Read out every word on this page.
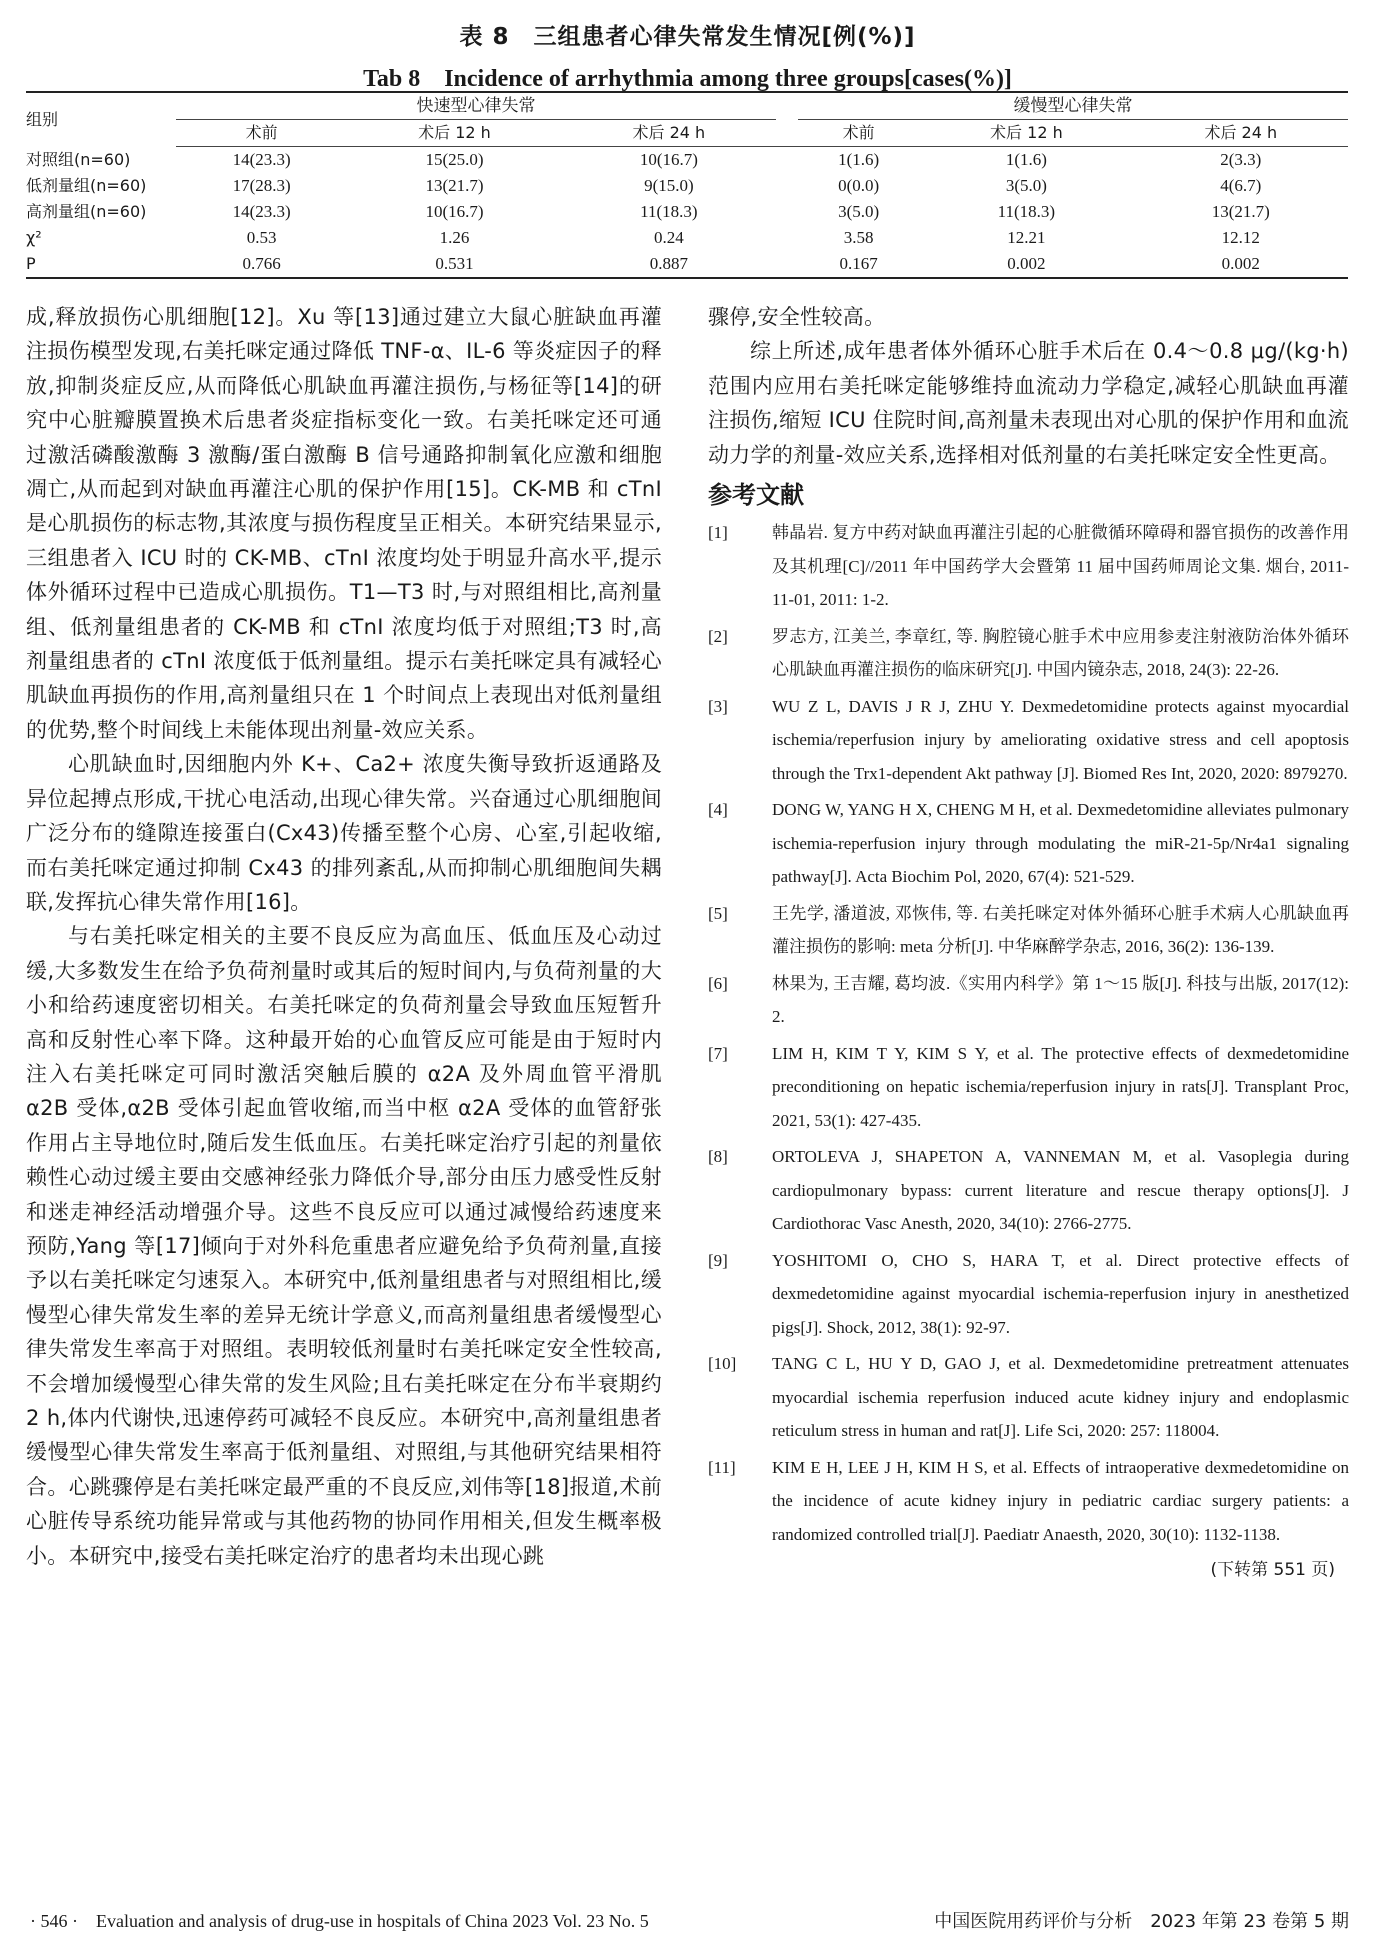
表 8　三组患者心律失常发生情况[例(%)]
Tab 8　Incidence of arrhythmia among three groups[cases(%)]
组别	快速型心律失常				缓慢型心律失常		
	术前	术后 12 h	术后 24 h		术前	术后 12 h	术后 24 h
对照组(n=60)	14(23.3)	15(25.0)	10(16.7)		1(1.6)	1(1.6)	2(3.3)
低剂量组(n=60)	17(28.3)	13(21.7)	9(15.0)		0(0.0)	3(5.0)	4(6.7)
高剂量组(n=60)	14(23.3)	10(16.7)	11(18.3)		3(5.0)	11(18.3)	13(21.7)
χ²	0.53	1.26	0.24		3.58	12.21	12.12
P	0.766	0.531	0.887		0.167	0.002	0.002

成,释放损伤心肌细胞[12]。Xu 等[13]通过建立大鼠心脏缺血再灌注损伤模型发现,右美托咪定通过降低 TNF-α、IL-6 等炎症因子的释放,抑制炎症反应,从而降低心肌缺血再灌注损伤,与杨征等[14]的研究中心脏瓣膜置换术后患者炎症指标变化一致。右美托咪定还可通过激活磷酸激酶 3 激酶/蛋白激酶 B 信号通路抑制氧化应激和细胞凋亡,从而起到对缺血再灌注心肌的保护作用[15]。CK-MB 和 cTnI 是心肌损伤的标志物,其浓度与损伤程度呈正相关。本研究结果显示,三组患者入 ICU 时的 CK-MB、cTnI 浓度均处于明显升高水平,提示体外循环过程中已造成心肌损伤。T1—T3 时,与对照组相比,高剂量组、低剂量组患者的 CK-MB 和 cTnI 浓度均低于对照组;T3 时,高剂量组患者的 cTnI 浓度低于低剂量组。提示右美托咪定具有减轻心肌缺血再损伤的作用,高剂量组只在 1 个时间点上表现出对低剂量组的优势,整个时间线上未能体现出剂量-效应关系。

心肌缺血时,因细胞内外 K+、Ca2+ 浓度失衡导致折返通路及异位起搏点形成,干扰心电活动,出现心律失常。兴奋通过心肌细胞间广泛分布的缝隙连接蛋白(Cx43)传播至整个心房、心室,引起收缩,而右美托咪定通过抑制 Cx43 的排列紊乱,从而抑制心肌细胞间失耦联,发挥抗心律失常作用[16]。

与右美托咪定相关的主要不良反应为高血压、低血压及心动过缓,大多数发生在给予负荷剂量时或其后的短时间内,与负荷剂量的大小和给药速度密切相关。右美托咪定的负荷剂量会导致血压短暂升高和反射性心率下降。这种最开始的心血管反应可能是由于短时内注入右美托咪定可同时激活突触后膜的 α2A 及外周血管平滑肌 α2B 受体,α2B 受体引起血管收缩,而当中枢 α2A 受体的血管舒张作用占主导地位时,随后发生低血压。右美托咪定治疗引起的剂量依赖性心动过缓主要由交感神经张力降低介导,部分由压力感受性反射和迷走神经活动增强介导。这些不良反应可以通过减慢给药速度来预防,Yang 等[17]倾向于对外科危重患者应避免给予负荷剂量,直接予以右美托咪定匀速泵入。本研究中,低剂量组患者与对照组相比,缓慢型心律失常发生率的差异无统计学意义,而高剂量组患者缓慢型心律失常发生率高于对照组。表明较低剂量时右美托咪定安全性较高,不会增加缓慢型心律失常的发生风险;且右美托咪定在分布半衰期约 2 h,体内代谢快,迅速停药可减轻不良反应。本研究中,高剂量组患者缓慢型心律失常发生率高于低剂量组、对照组,与其他研究结果相符合。心跳骤停是右美托咪定最严重的不良反应,刘伟等[18]报道,术前心脏传导系统功能异常或与其他药物的协同作用相关,但发生概率极小。本研究中,接受右美托咪定治疗的患者均未出现心跳

骤停,安全性较高。

综上所述,成年患者体外循环心脏手术后在 0.4～0.8 μg/(kg·h)范围内应用右美托咪定能够维持血流动力学稳定,减轻心肌缺血再灌注损伤,缩短 ICU 住院时间,高剂量未表现出对心肌的保护作用和血流动力学的剂量-效应关系,选择相对低剂量的右美托咪定安全性更高。

参考文献
[1]	韩晶岩. 复方中药对缺血再灌注引起的心脏微循环障碍和器官损伤的改善作用及其机理[C]//2011 年中国药学大会暨第 11 届中国药师周论文集. 烟台, 2011-11-01, 2011: 1-2.
[2]	罗志方, 江美兰, 李章红, 等. 胸腔镜心脏手术中应用参麦注射液防治体外循环心肌缺血再灌注损伤的临床研究[J]. 中国内镜杂志, 2018, 24(3): 22-26.
[3]	WU Z L, DAVIS J R J, ZHU Y. Dexmedetomidine protects against myocardial ischemia/reperfusion injury by ameliorating oxidative stress and cell apoptosis through the Trx1-dependent Akt pathway [J]. Biomed Res Int, 2020, 2020: 8979270.
[4]	DONG W, YANG H X, CHENG M H, et al. Dexmedetomidine alleviates pulmonary ischemia-reperfusion injury through modulating the miR-21-5p/Nr4a1 signaling pathway[J]. Acta Biochim Pol, 2020, 67(4): 521-529.
[5]	王先学, 潘道波, 邓恢伟, 等. 右美托咪定对体外循环心脏手术病人心肌缺血再灌注损伤的影响: meta 分析[J]. 中华麻醉学杂志, 2016, 36(2): 136-139.
[6]	林果为, 王吉耀, 葛均波.《实用内科学》第 1～15 版[J]. 科技与出版, 2017(12): 2.
[7]	LIM H, KIM T Y, KIM S Y, et al. The protective effects of dexmedetomidine preconditioning on hepatic ischemia/reperfusion injury in rats[J]. Transplant Proc, 2021, 53(1): 427-435.
[8]	ORTOLEVA J, SHAPETON A, VANNEMAN M, et al. Vasoplegia during cardiopulmonary bypass: current literature and rescue therapy options[J]. J Cardiothorac Vasc Anesth, 2020, 34(10): 2766-2775.
[9]	YOSHITOMI O, CHO S, HARA T, et al. Direct protective effects of dexmedetomidine against myocardial ischemia-reperfusion injury in anesthetized pigs[J]. Shock, 2012, 38(1): 92-97.
[10] TANG C L, HU Y D, GAO J, et al. Dexmedetomidine pretreatment attenuates myocardial ischemia reperfusion induced acute kidney injury and endoplasmic reticulum stress in human and rat[J]. Life Sci, 2020: 257: 118004.
[11] KIM E H, LEE J H, KIM H S, et al. Effects of intraoperative dexmedetomidine on the incidence of acute kidney injury in pediatric cardiac surgery patients: a randomized controlled trial[J]. Paediatr Anaesth, 2020, 30(10): 1132-1138.
(下转第 551 页)
· 546 ·　Evaluation and analysis of drug-use in hospitals of China 2023 Vol. 23 No. 5	中国医院用药评价与分析　2023 年第 23 卷第 5 期
